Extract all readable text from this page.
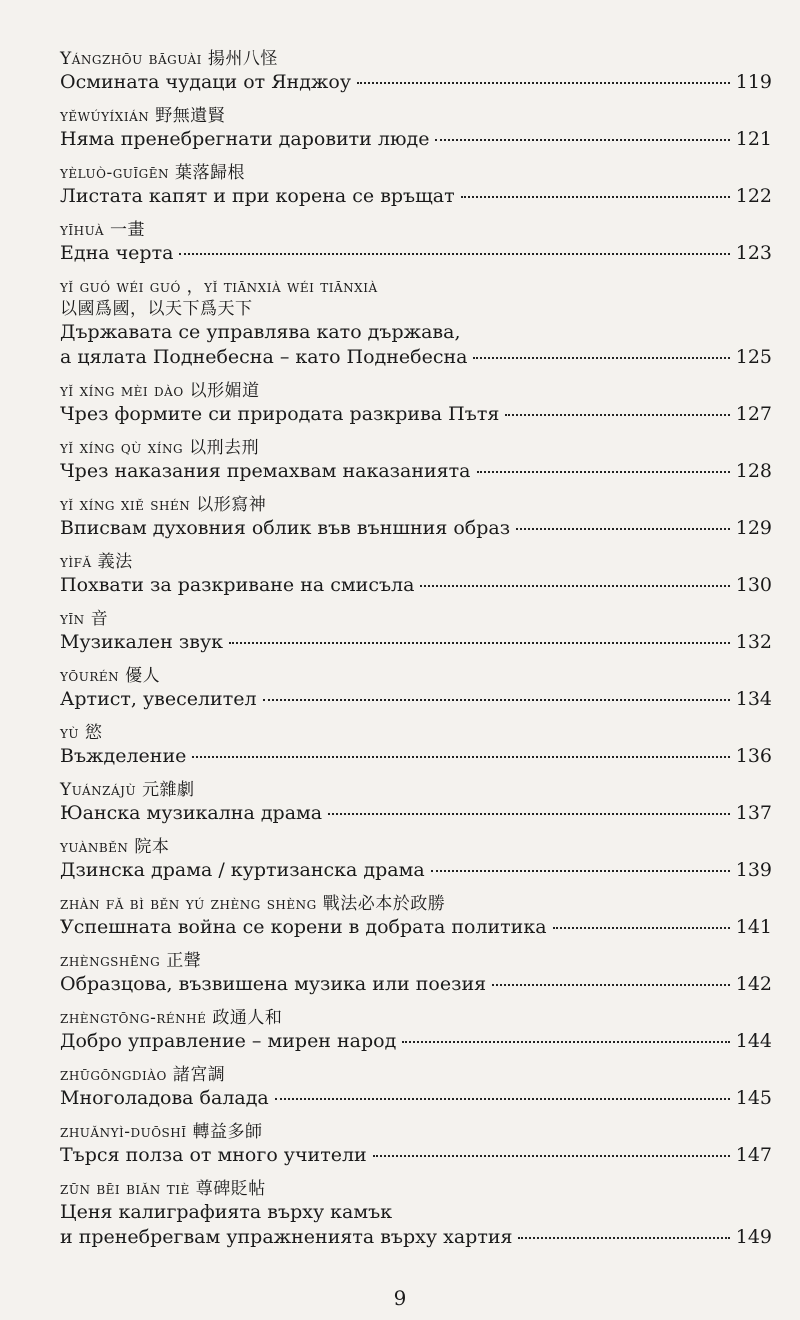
Yángzhōu bāguài 揚州八怪
Осмината чудаци от Янджоу	119
yěwúyíxián 野無遺賢
Няма пренебрегнати даровити люде	121
yèluò-guīgēn 葉落歸根
Листата капят и при корена се връщат	122
yīhuà 一畫
Една черта	123
yǐ guó wéi guó ，yǐ tiānxià wéi tiānxià
以國爲國，以天下爲天下
Държавата се управлява като държава,
а цялата Поднебесна – като Поднебесна	125
yǐ xíng mèi dào 以形媚道
Чрез формите си природата разкрива Пътя	127
yǐ xíng qù xíng 以刑去刑
Чрез наказания премахвам наказанията	128
yǐ xíng xiě shén 以形寫神
Вписвам духовния облик във външния образ	129
yìfǎ 義法
Похвати за разкриване на смисъла	130
yīn 音
Музикален звук	132
yōurén 優人
Артист, увеселител	134
yù 慾
Въжделение	136
Yuánzájù 元雜劇
Юанска музикална драма	137
yuànběn 院本
Дзинска драма / куртизанска драма	139
zhàn fǎ bì běn yú zhèng shèng 戰法必本於政勝
Успешната война се корени в добрата политика	141
zhèngshēng 正聲
Образцова, възвишена музика или поезия	142
zhèngtōng-rénhé 政通人和
Добро управление – мирен народ	144
zhūgōngdiào 諸宮調
Многоладова балада	145
zhuǎnyì-duōshī 轉益多師
Търся полза от много учители	147
zūn bēi biǎn tiè 尊碑貶帖
Ценя калиграфията върху камък
и пренебрегвам упражненията върху хартия	149
9
